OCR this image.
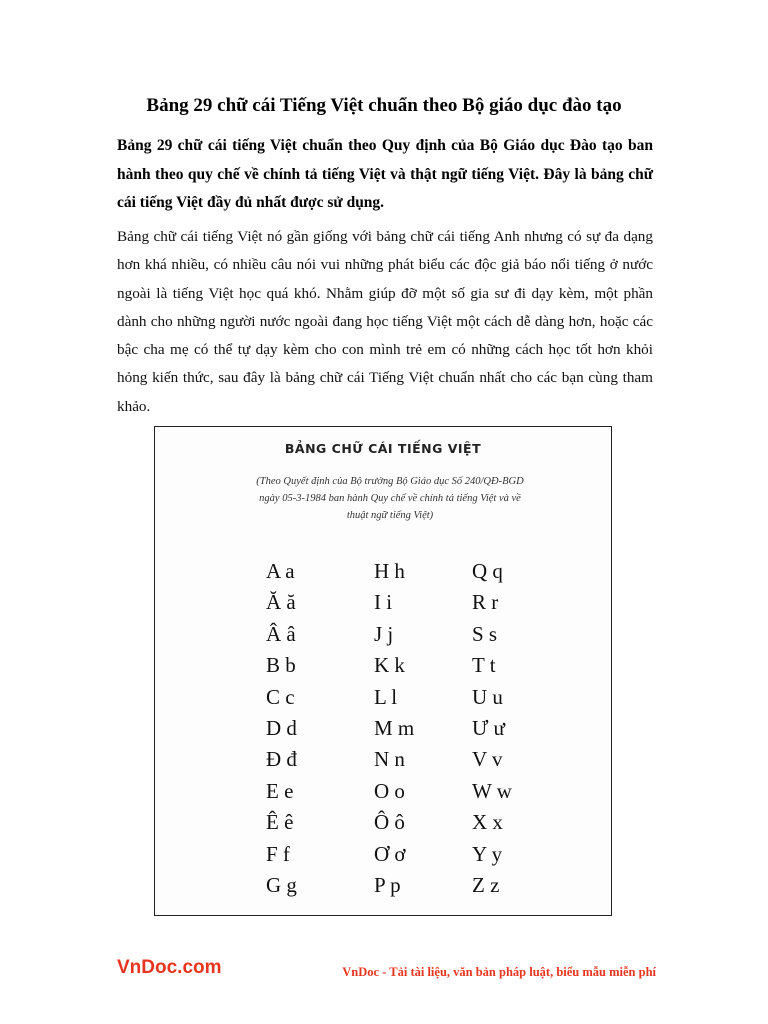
Bảng 29 chữ cái Tiếng Việt chuẩn theo Bộ giáo dục đào tạo

Bảng 29 chữ cái tiếng Việt chuẩn theo Quy định của Bộ Giáo dục Đào tạo ban hành theo quy chế về chính tả tiếng Việt và thật ngữ tiếng Việt. Đây là bảng chữ cái tiếng Việt đầy đủ nhất được sử dụng.

Bảng chữ cái tiếng Việt nó gần giống với bảng chữ cái tiếng Anh nhưng có sự đa dạng hơn khá nhiều, có nhiều câu nói vui những phát biểu các độc giả báo nổi tiếng ở nước ngoài là tiếng Việt học quá khó. Nhằm giúp đỡ một số gia sư đi dạy kèm, một phần dành cho những người nước ngoài đang học tiếng Việt một cách dễ dàng hơn, hoặc các bậc cha mẹ có thể tự dạy kèm cho con mình trẻ em có những cách học tốt hơn khỏi hỏng kiến thức, sau đây là bảng chữ cái Tiếng Việt chuẩn nhất cho các bạn cùng tham khảo.

BẢNG CHỮ CÁI TIẾNG VIỆT
(Theo Quyết định của Bộ trưởng Bộ Giáo dục Số 240/QĐ-BGD ngày 05-3-1984 ban hành Quy chế về chính tả tiếng Việt và về thuật ngữ tiếng Việt)
A a
Ă ă
Â â
B b
C c
D d
Đ đ
E e
Ê ê
F f
G g
H h
I i
J j
K k
L l
M m
N n
O o
Ô ô
Ơ ơ
P p
Q q
R r
S s
T t
U u
Ư ư
V v
W w
X x
Y y
Z z
VnDoc.com	VnDoc - Tải tài liệu, văn bản pháp luật, biểu mẫu miễn phí
